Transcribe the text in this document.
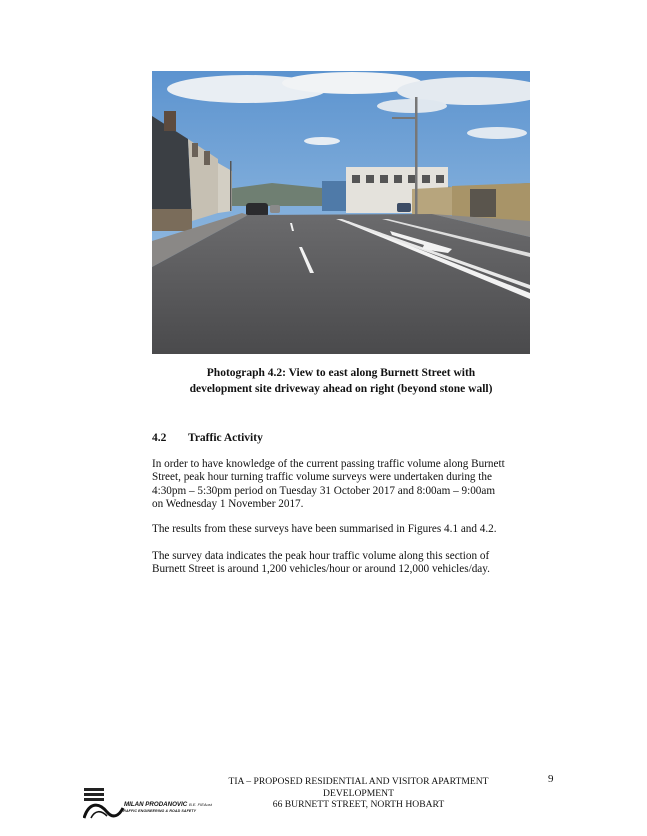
Photograph 4.2: View to east along Burnett Street with
development site driveway ahead on right (beyond stone wall)
4.2 Traffic Activity
In order to have knowledge of the current passing traffic volume along Burnett
Street, peak hour turning traffic volume surveys were undertaken during the
4:30pm – 5:30pm period on Tuesday 31 October 2017 and 8:00am – 9:00am
on Wednesday 1 November 2017.
The results from these surveys have been summarised in Figures 4.1 and 4.2.
The survey data indicates the peak hour traffic volume along this section of
Burnett Street is around 1,200 vehicles/hour or around 12,000 vehicles/day.
TIA – PROPOSED RESIDENTIAL AND VISITOR APARTMENT
DEVELOPMENT
66 BURNETT STREET, NORTH HOBART
9
MILAN PRODANOVIC B.E. FIEAust
TRAFFIC ENGINEERING & ROAD SAFETY
